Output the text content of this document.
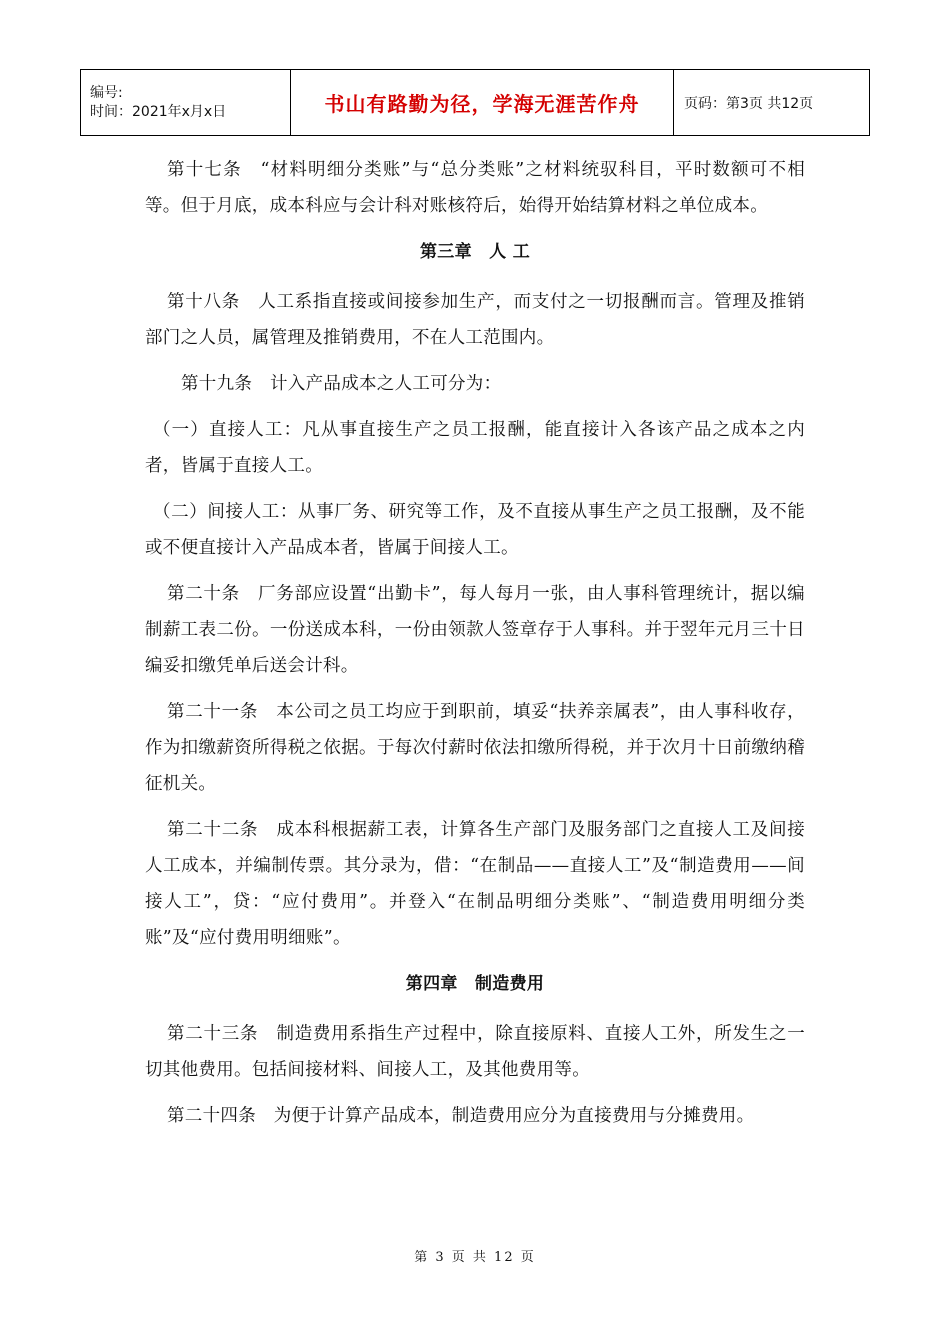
编号:
时间：2021年x月x日	书山有路勤为径，学海无涯苦作舟	页码：第3页 共12页

第十七条　“材料明细分类账”与“总分类账”之材料统驭科目，平时数额可不相等。但于月底，成本科应与会计科对账核符后，始得开始结算材料之单位成本。

第三章　人 工

第十八条　人工系指直接或间接参加生产，而支付之一切报酬而言。管理及推销部门之人员，属管理及推销费用，不在人工范围内。

第十九条　计入产品成本之人工可分为：

（一）直接人工：凡从事直接生产之员工报酬，能直接计入各该产品之成本之内者，皆属于直接人工。

（二）间接人工：从事厂务、研究等工作，及不直接从事生产之员工报酬，及不能或不便直接计入产品成本者，皆属于间接人工。

第二十条　厂务部应设置“出勤卡”，每人每月一张，由人事科管理统计，据以编制薪工表二份。一份送成本科，一份由领款人签章存于人事科。并于翌年元月三十日编妥扣缴凭单后送会计科。

第二十一条　本公司之员工均应于到职前，填妥“扶养亲属表”，由人事科收存，作为扣缴薪资所得税之依据。于每次付薪时依法扣缴所得税，并于次月十日前缴纳稽征机关。

第二十二条　成本科根据薪工表，计算各生产部门及服务部门之直接人工及间接人工成本，并编制传票。其分录为，借：“在制品——直接人工”及“制造费用——间接人工”，贷：“应付费用”。并登入“在制品明细分类账”、“制造费用明细分类账”及“应付费用明细账”。

第四章　制造费用

第二十三条　制造费用系指生产过程中，除直接原料、直接人工外，所发生之一切其他费用。包括间接材料、间接人工，及其他费用等。

第二十四条　为便于计算产品成本，制造费用应分为直接费用与分摊费用。

第 3 页 共 12 页
